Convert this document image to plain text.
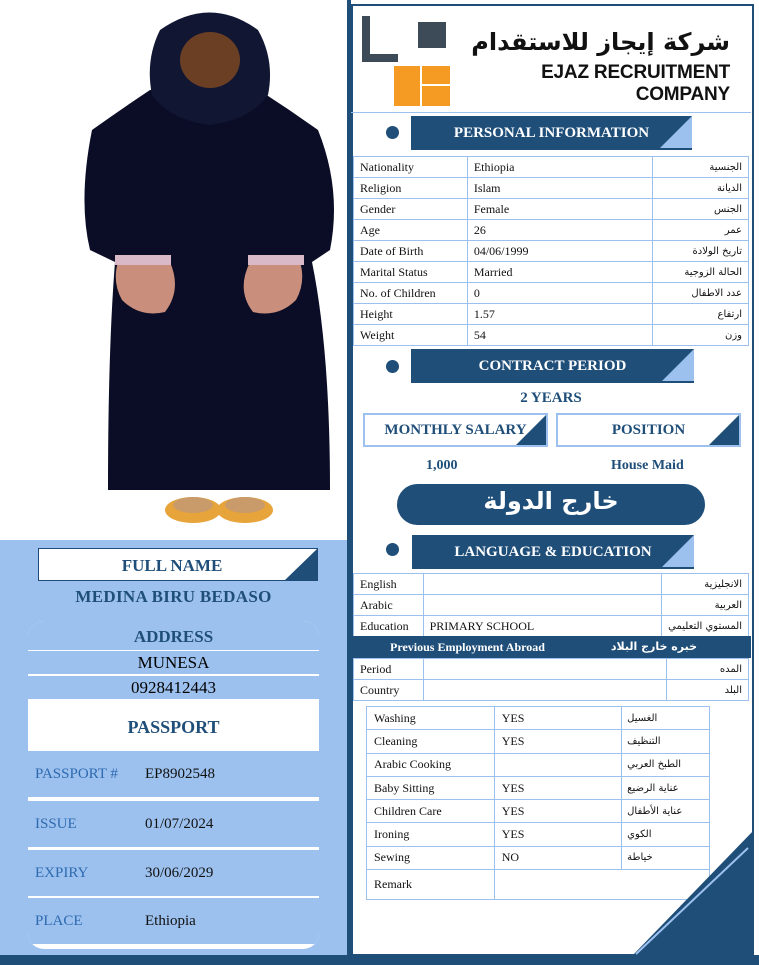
FULL NAME
MEDINA BIRU BEDASO
ADDRESS
MUNESA
0928412443
PASSPORT
PASSPORT # EP8902548
ISSUE	01/07/2024
EXPIRY	30/06/2029
PLACE	Ethiopia
شركة إيجاز للاستقدام
EJAZ RECRUITMENT COMPANY
PERSONAL INFORMATION
Nationality	Ethiopia	الجنسية
Religion	Islam	الديانة
Gender	Female	الجنس
Age	26	عمر
Date of Birth	04/06/1999	تاريخ الولادة
Marital Status	Married	الحالة الزوجية
No. of Children	0	عدد الاطفال
Height	1.57	ارتفاع
Weight	54	وزن
CONTRACT PERIOD
2 YEARS
MONTHLY SALARY	POSITION
1,000	House Maid
خارج الدولة
LANGUAGE & EDUCATION
English		الانجليزية
Arabic		العربية
Education	PRIMARY SCHOOL	المستوي التعليمي
Previous Employment Abroad	خبره خارج البلاد
Period		المده
Country		البلد
Washing	YES	الغسيل
Cleaning	YES	التنظيف
Arabic Cooking		الطبخ العربي
Baby Sitting	YES	عناية الرضيع
Children Care	YES	عناية الأطفال
Ironing	YES	الكوي
Sewing	NO	خياطة
Remark		
